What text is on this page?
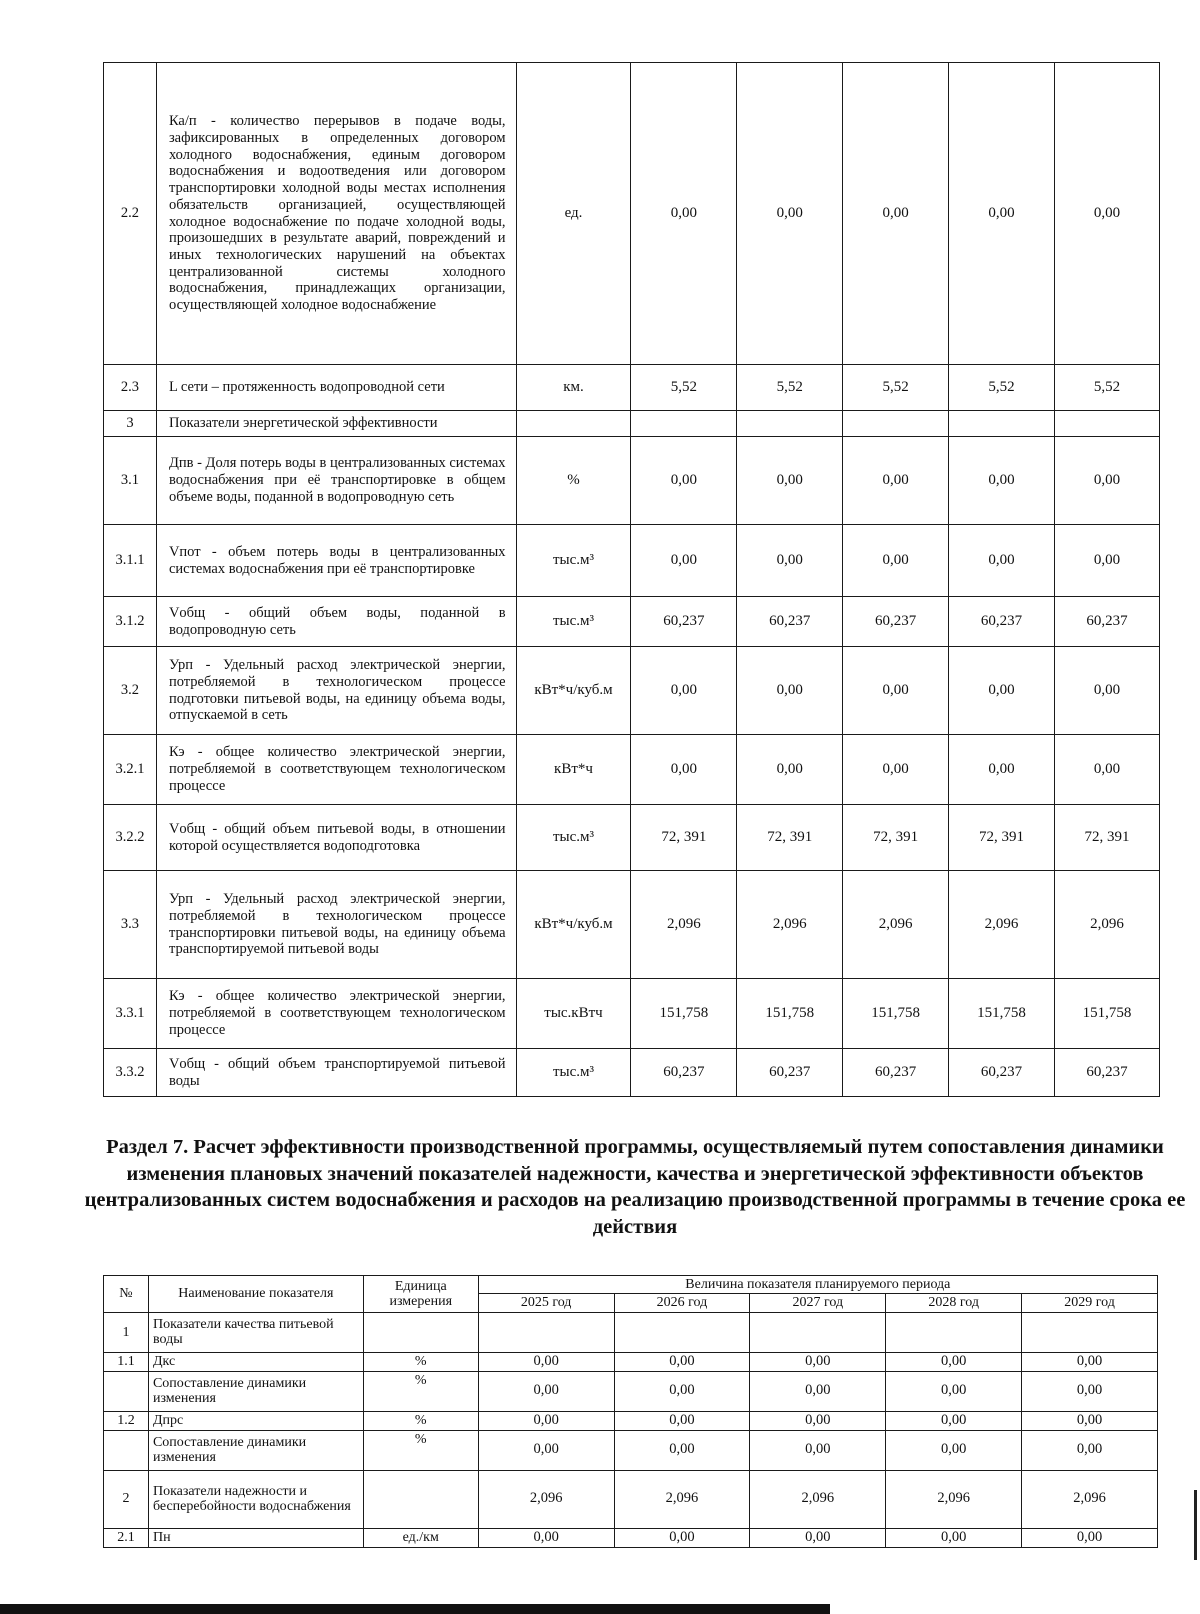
2.2	Ка/п - количество перерывов в подаче воды, зафиксированных в определенных договором холодного водоснабжения, единым договором водоснабжения и водоотведения или договором транспортировки холодной воды местах исполнения обязательств организацией, осуществляющей холодное водоснабжение по подаче холодной воды, произошедших в результате аварий, повреждений и иных технологических нарушений на объектах централизованной системы холодного водоснабжения, принадлежащих организации, осуществляющей холодное водоснабжение	ед.	0,00	0,00	0,00	0,00	0,00
2.3	L сети – протяженность водопроводной сети	км.	5,52	5,52	5,52	5,52	5,52
3	Показатели энергетической эффективности						
3.1	Дпв - Доля потерь воды в централизованных системах водоснабжения при её транспортировке в общем объеме воды, поданной в водопроводную сеть	%	0,00	0,00	0,00	0,00	0,00
3.1.1	Vпот - объем потерь воды в централизованных системах водоснабжения при её транспортировке	тыс.м³	0,00	0,00	0,00	0,00	0,00
3.1.2	Vобщ - общий объем воды, поданной в водопроводную сеть	тыс.м³	60,237	60,237	60,237	60,237	60,237
3.2	Урп - Удельный расход электрической энергии, потребляемой в технологическом процессе подготовки питьевой воды, на единицу объема воды, отпускаемой в сеть	кВт*ч/куб.м	0,00	0,00	0,00	0,00	0,00
3.2.1	Кэ - общее количество электрической энергии, потребляемой в соответствующем технологическом процессе	кВт*ч	0,00	0,00	0,00	0,00	0,00
3.2.2	Vобщ - общий объем питьевой воды, в отношении которой осуществляется водоподготовка	тыс.м³	72, 391	72, 391	72, 391	72, 391	72, 391
3.3	Урп - Удельный расход электрической энергии, потребляемой в технологическом процессе транспортировки питьевой воды, на единицу объема транспортируемой питьевой воды	кВт*ч/куб.м	2,096	2,096	2,096	2,096	2,096
3.3.1	Кэ - общее количество электрической энергии, потребляемой в соответствующем технологическом процессе	тыс.кВтч	151,758	151,758	151,758	151,758	151,758
3.3.2	Vобщ - общий объем транспортируемой питьевой воды	тыс.м³	60,237	60,237	60,237	60,237	60,237
Раздел 7. Расчет эффективности производственной программы, осуществляемый путем сопоставления динамики изменения плановых значений показателей надежности, качества и энергетической эффективности объектов централизованных систем водоснабжения и расходов на реализацию производственной программы в течение срока ее действия
№	Наименование показателя	Единица измерения	Величина показателя планируемого периода				
			2025 год	2026 год	2027 год	2028 год	2029 год
1	Показатели качества питьевой воды						
1.1	Дкс	%	0,00	0,00	0,00	0,00	0,00
	Сопоставление динамики изменения	%	0,00	0,00	0,00	0,00	0,00
1.2	Дпрс	%	0,00	0,00	0,00	0,00	0,00
	Сопоставление динамики изменения	%	0,00	0,00	0,00	0,00	0,00
2	Показатели надежности и бесперебойности водоснабжения		2,096	2,096	2,096	2,096	2,096
2.1	Пн	ед./км	0,00	0,00	0,00	0,00	0,00
